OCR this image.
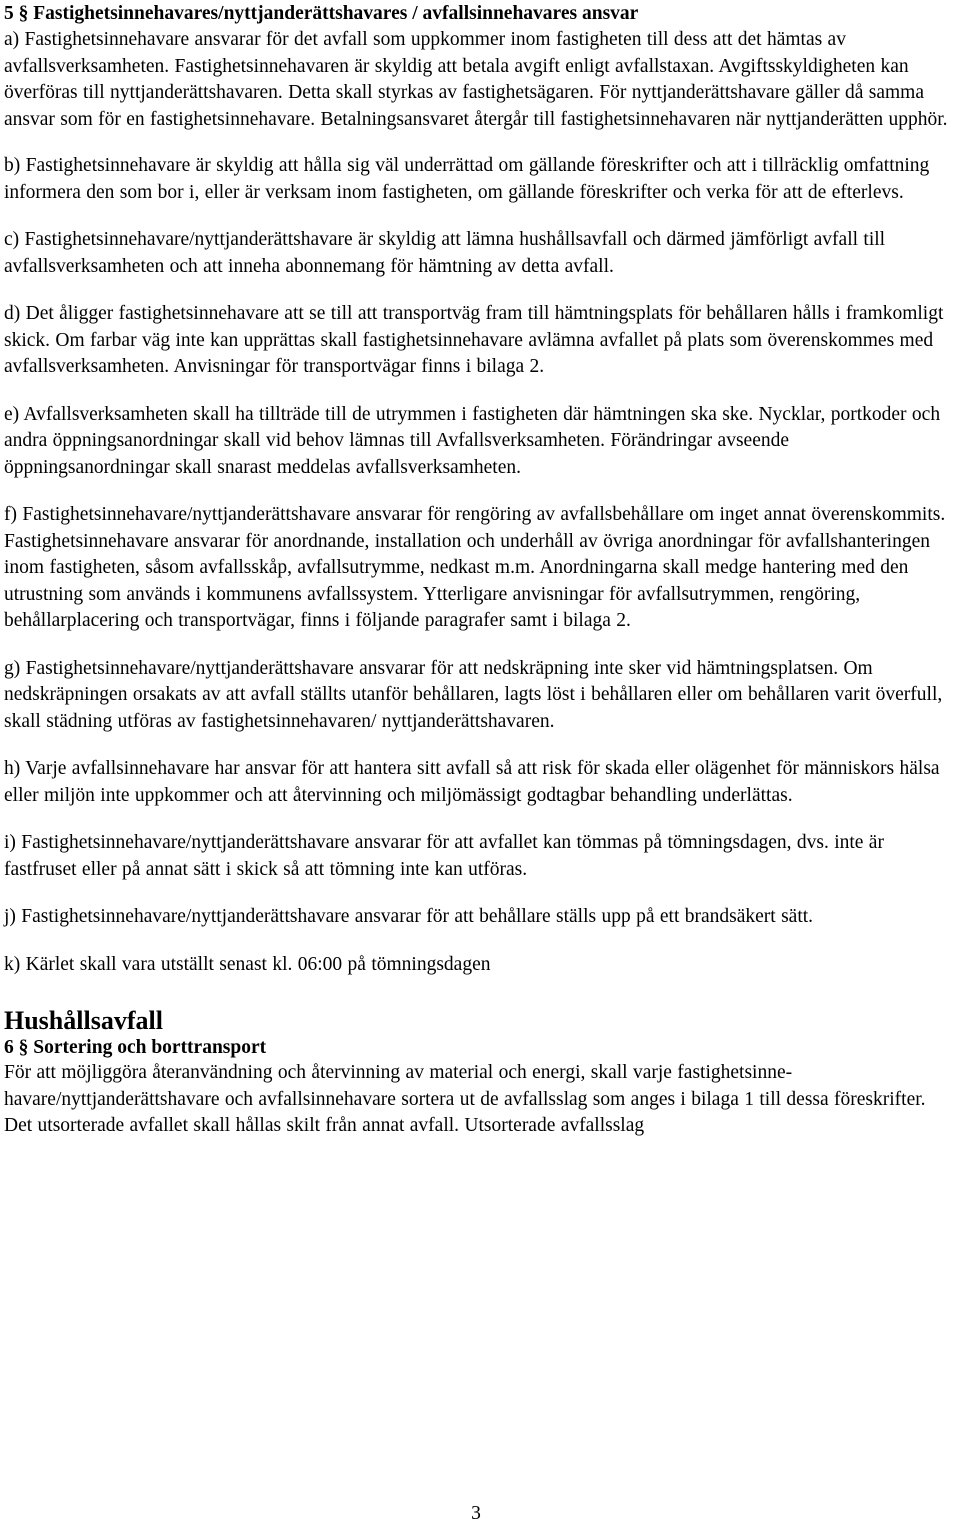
5 § Fastighetsinnehavares/nyttjanderättshavares / avfallsinnehavares ansvar

a) Fastighetsinnehavare ansvarar för det avfall som uppkommer inom fastigheten till dess att det hämtas av avfallsverksamheten. Fastighetsinnehavaren är skyldig att betala avgift enligt avfallstaxan. Avgiftsskyldigheten kan överföras till nyttjanderättshavaren. Detta skall styrkas av fastighetsägaren. För nyttjanderättshavare gäller då samma ansvar som för en fastighetsinnehavare. Betalningsansvaret återgår till fastighetsinnehavaren när nyttjanderätten upphör.

b) Fastighetsinnehavare är skyldig att hålla sig väl underrättad om gällande föreskrifter och att i tillräcklig omfattning informera den som bor i, eller är verksam inom fastigheten, om gällande föreskrifter och verka för att de efterlevs.

c) Fastighetsinnehavare/nyttjanderättshavare är skyldig att lämna hushållsavfall och därmed jämförligt avfall till avfallsverksamheten och att inneha abonnemang för hämtning av detta avfall.

d) Det åligger fastighetsinnehavare att se till att transportväg fram till hämtningsplats för behållaren hålls i framkomligt skick. Om farbar väg inte kan upprättas skall fastighetsinnehavare avlämna avfallet på plats som överenskommes med avfallsverksamheten. Anvisningar för transportvägar finns i bilaga 2.

e) Avfallsverksamheten skall ha tillträde till de utrymmen i fastigheten där hämtningen ska ske. Nycklar, portkoder och andra öppningsanordningar skall vid behov lämnas till Avfallsverksamheten. Förändringar avseende öppningsanordningar skall snarast meddelas avfallsverksamheten.

f) Fastighetsinnehavare/nyttjanderättshavare ansvarar för rengöring av avfallsbehållare om inget annat överenskommits. Fastighetsinnehavare ansvarar för anordnande, installation och underhåll av övriga anordningar för avfallshanteringen inom fastigheten, såsom avfallsskåp, avfallsutrymme, nedkast m.m. Anordningarna skall medge hantering med den utrustning som används i kommunens avfallssystem. Ytterligare anvisningar för avfallsutrymmen, rengöring, behållarplacering och transportvägar, finns i följande paragrafer samt i bilaga 2.

g) Fastighetsinnehavare/nyttjanderättshavare ansvarar för att nedskräpning inte sker vid hämtningsplatsen. Om nedskräpningen orsakats av att avfall ställts utanför behållaren, lagts löst i behållaren eller om behållaren varit överfull, skall städning utföras av fastighetsinnehavaren/ nyttjanderättshavaren.

h) Varje avfallsinnehavare har ansvar för att hantera sitt avfall så att risk för skada eller olägenhet för människors hälsa eller miljön inte uppkommer och att återvinning och miljömässigt godtagbar behandling underlättas.

i) Fastighetsinnehavare/nyttjanderättshavare ansvarar för att avfallet kan tömmas på tömningsdagen, dvs. inte är fastfruset eller på annat sätt i skick så att tömning inte kan utföras.

j) Fastighetsinnehavare/nyttjanderättshavare ansvarar för att behållare ställs upp på ett brandsäkert sätt.

k) Kärlet skall vara utställt senast kl. 06:00 på tömningsdagen

Hushållsavfall
6 § Sortering och borttransport

För att möjliggöra återanvändning och återvinning av material och energi, skall varje fastighetsinnehavare/nyttjanderättshavare och avfallsinnehavare sortera ut de avfallsslag som anges i bilaga 1 till dessa föreskrifter. Det utsorterade avfallet skall hållas skilt från annat avfall. Utsorterade avfallsslag

3
